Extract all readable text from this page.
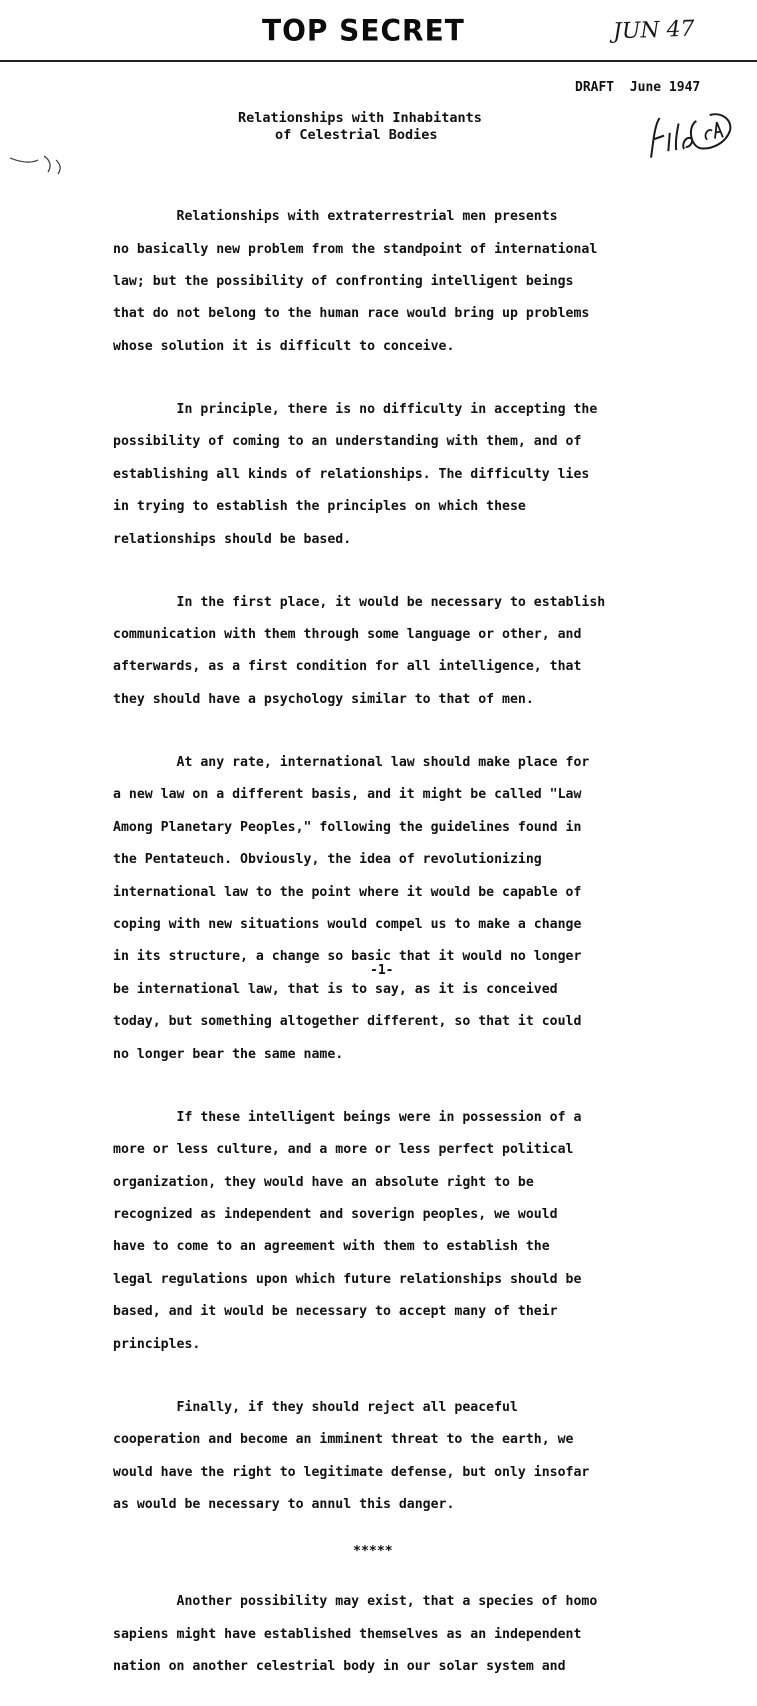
TOP SECRET	JUN 47
DRAFT  June 1947
Relationships with Inhabitants
of Celestrial Bodies

Relationships with extraterrestrial men presents

no basically new problem from the standpoint of international

law; but the possibility of confronting intelligent beings

that do not belong to the human race would bring up problems

whose solution it is difficult to conceive.

In principle, there is no difficulty in accepting the

possibility of coming to an understanding with them, and of

establishing all kinds of relationships. The difficulty lies

in trying to establish the principles on which these

relationships should be based.

In the first place, it would be necessary to establish

communication with them through some language or other, and

afterwards, as a first condition for all intelligence, that

they should have a psychology similar to that of men.

At any rate, international law should make place for

a new law on a different basis, and it might be called "Law

Among Planetary Peoples," following the guidelines found in

the Pentateuch. Obviously, the idea of revolutionizing

international law to the point where it would be capable of

coping with new situations would compel us to make a change

in its structure, a change so basic that it would no longer

be international law, that is to say, as it is conceived

today, but something altogether different, so that it could

no longer bear the same name.

If these intelligent beings were in possession of a

more or less culture, and a more or less perfect political

organization, they would have an absolute right to be

recognized as independent and soverign peoples, we would

have to come to an agreement with them to establish the

legal regulations upon which future relationships should be

based, and it would be necessary to accept many of their

principles.

Finally, if they should reject all peaceful

cooperation and become an imminent threat to the earth, we

would have the right to legitimate defense, but only insofar

as would be necessary to annul this danger.

*****

Another possibility may exist, that a species of homo

sapiens might have established themselves as an independent

nation on another celestrial body in our solar system and

-1-
